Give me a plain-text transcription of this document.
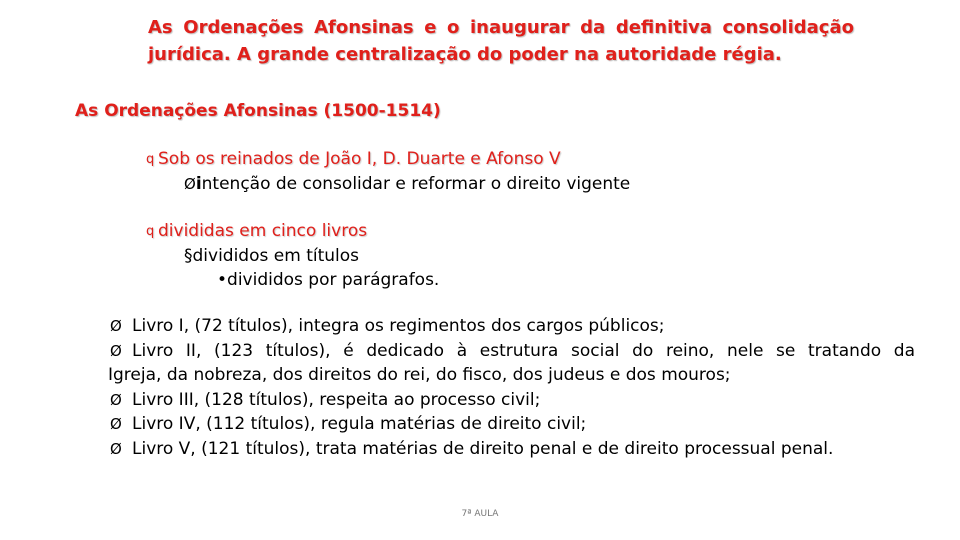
As Ordenações Afonsinas e o inaugurar da definitiva consolidação
jurídica. A grande centralização do poder na autoridade régia.
As Ordenações Afonsinas (1500-1514)
q Sob os reinados de João I, D. Duarte e Afonso V
Øintenção de consolidar e reformar o direito vigente
q divididas em cinco livros
§divididos em títulos
•divididos por parágrafos.
Ø Livro I, (72 títulos), integra os regimentos dos cargos públicos;
Ø Livro II, (123 títulos), é dedicado à estrutura social do reino, nele se tratando da
Igreja, da nobreza, dos direitos do rei, do fisco, dos judeus e dos mouros;
Ø Livro III, (128 títulos), respeita ao processo civil;
Ø Livro IV, (112 títulos), regula matérias de direito civil;
Ø Livro V, (121 títulos), trata matérias de direito penal e de direito processual penal.
7ª AULA
